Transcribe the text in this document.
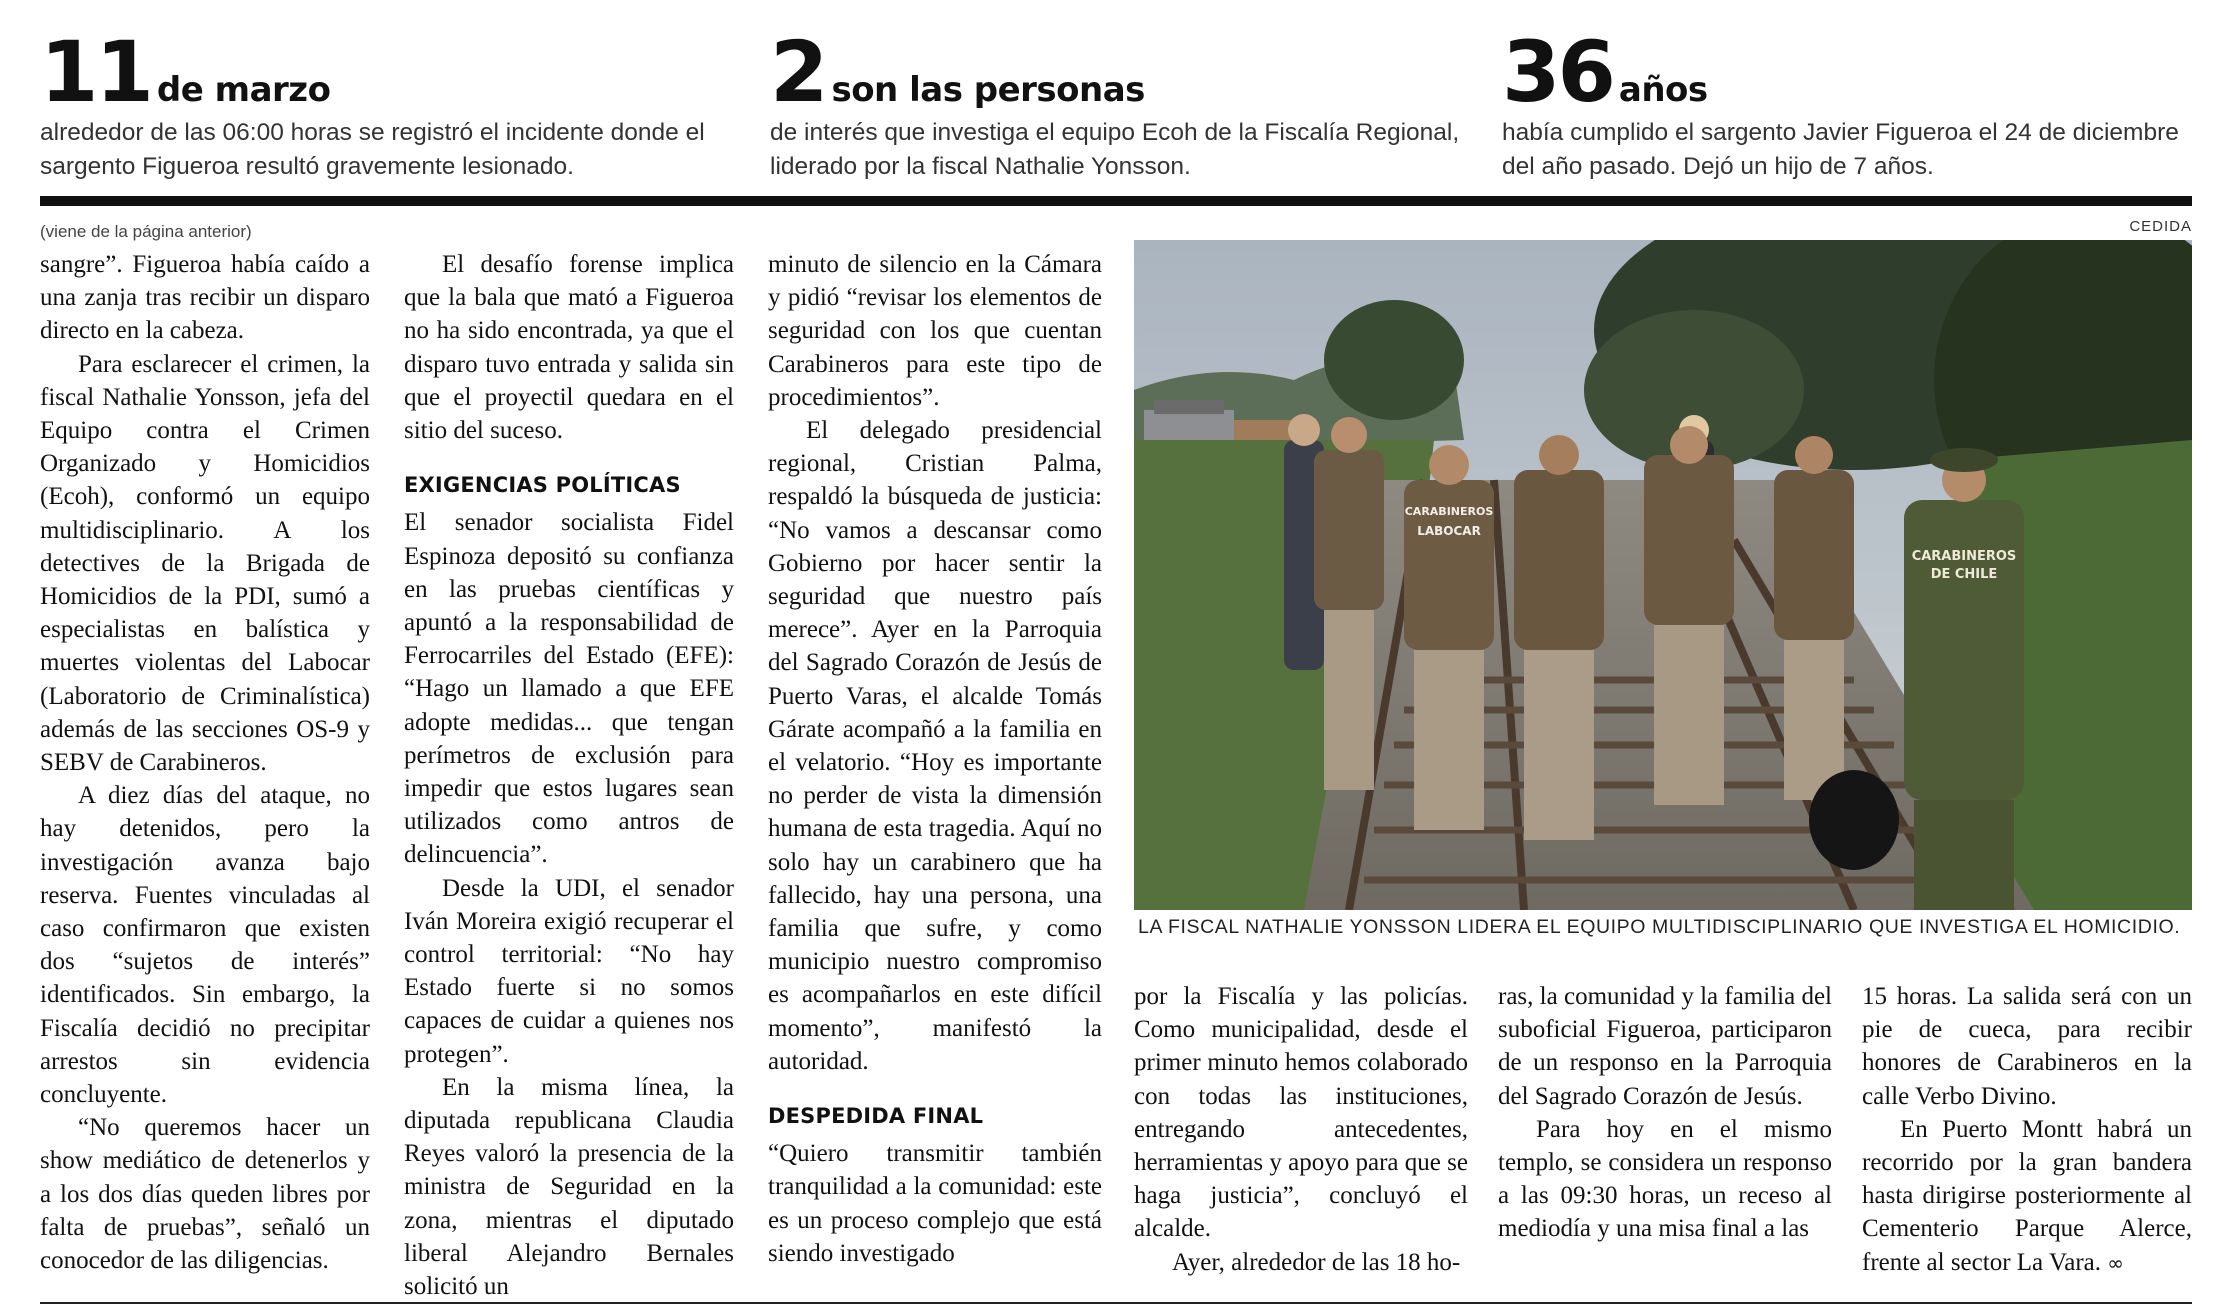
11 de marzo
alrededor de las 06:00 horas se registró el incidente donde el
sargento Figueroa resultó gravemente lesionado.
2 son las personas
de interés que investiga el equipo Ecoh de la Fiscalía Regional,
liderado por la fiscal Nathalie Yonsson.
36 años
había cumplido el sargento Javier Figueroa el 24 de diciembre
del año pasado. Dejó un hijo de 7 años.
(viene de la página anterior)

sangre”. Figueroa había caído a una zanja tras recibir un disparo directo en la cabeza.

Para esclarecer el crimen, la fiscal Nathalie Yonsson, jefa del Equipo contra el Crimen Organizado y Homicidios (Ecoh), conformó un equipo multidisciplinario. A los detectives de la Brigada de Homicidios de la PDI, sumó a especialistas en balística y muertes violentas del Labocar (Laboratorio de Criminalística) además de las secciones OS-9 y SEBV de Carabineros.

A diez días del ataque, no hay detenidos, pero la investigación avanza bajo reserva. Fuentes vinculadas al caso confirmaron que existen dos “sujetos de interés” identificados. Sin embargo, la Fiscalía decidió no precipitar arrestos sin evidencia concluyente.

“No queremos hacer un show mediático de detenerlos y a los dos días queden libres por falta de pruebas”, señaló un conocedor de las diligencias.

El desafío forense implica que la bala que mató a Figueroa no ha sido encontrada, ya que el disparo tuvo entrada y salida sin que el proyectil quedara en el sitio del suceso.

EXIGENCIAS POLÍTICAS

El senador socialista Fidel Espinoza depositó su confianza en las pruebas científicas y apuntó a la responsabilidad de Ferrocarriles del Estado (EFE): “Hago un llamado a que EFE adopte medidas... que tengan perímetros de exclusión para impedir que estos lugares sean utilizados como antros de delincuencia”.

Desde la UDI, el senador Iván Moreira exigió recuperar el control territorial: “No hay Estado fuerte si no somos capaces de cuidar a quienes nos protegen”.

En la misma línea, la diputada republicana Claudia Reyes valoró la presencia de la ministra de Seguridad en la zona, mientras el diputado liberal Alejandro Bernales solicitó un

minuto de silencio en la Cámara y pidió “revisar los elementos de seguridad con los que cuentan Carabineros para este tipo de procedimientos”.

El delegado presidencial regional, Cristian Palma, respaldó la búsqueda de justicia: “No vamos a descansar como Gobierno por hacer sentir la seguridad que nuestro país merece”. Ayer en la Parroquia del Sagrado Corazón de Jesús de Puerto Varas, el alcalde Tomás Gárate acompañó a la familia en el velatorio. “Hoy es importante no perder de vista la dimensión humana de esta tragedia. Aquí no solo hay un carabinero que ha fallecido, hay una persona, una familia que sufre, y como municipio nuestro compromiso es acompañarlos en este difícil momento”, manifestó la autoridad.

DESPEDIDA FINAL

“Quiero transmitir también tranquilidad a la comunidad: este es un proceso complejo que está siendo investigado

CEDIDA
CARABINEROS
LABOCAR
CARABINEROS
DE CHILE
LA FISCAL NATHALIE YONSSON LIDERA EL EQUIPO MULTIDISCIPLINARIO QUE INVESTIGA EL HOMICIDIO.

por la Fiscalía y las policías. Como municipalidad, desde el primer minuto hemos colaborado con todas las instituciones, entregando antecedentes, herramientas y apoyo para que se haga justicia”, concluyó el alcalde.

Ayer, alrededor de las 18 ho-

ras, la comunidad y la familia del suboficial Figueroa, participaron de un responso en la Parroquia del Sagrado Corazón de Jesús.

Para hoy en el mismo templo, se considera un responso a las 09:30 horas, un receso al mediodía y una misa final a las

15 horas. La salida será con un pie de cueca, para recibir honores de Carabineros en la calle Verbo Divino.

En Puerto Montt habrá un recorrido por la gran bandera hasta dirigirse posteriormente al Cementerio Parque Alerce, frente al sector La Vara. ∞
